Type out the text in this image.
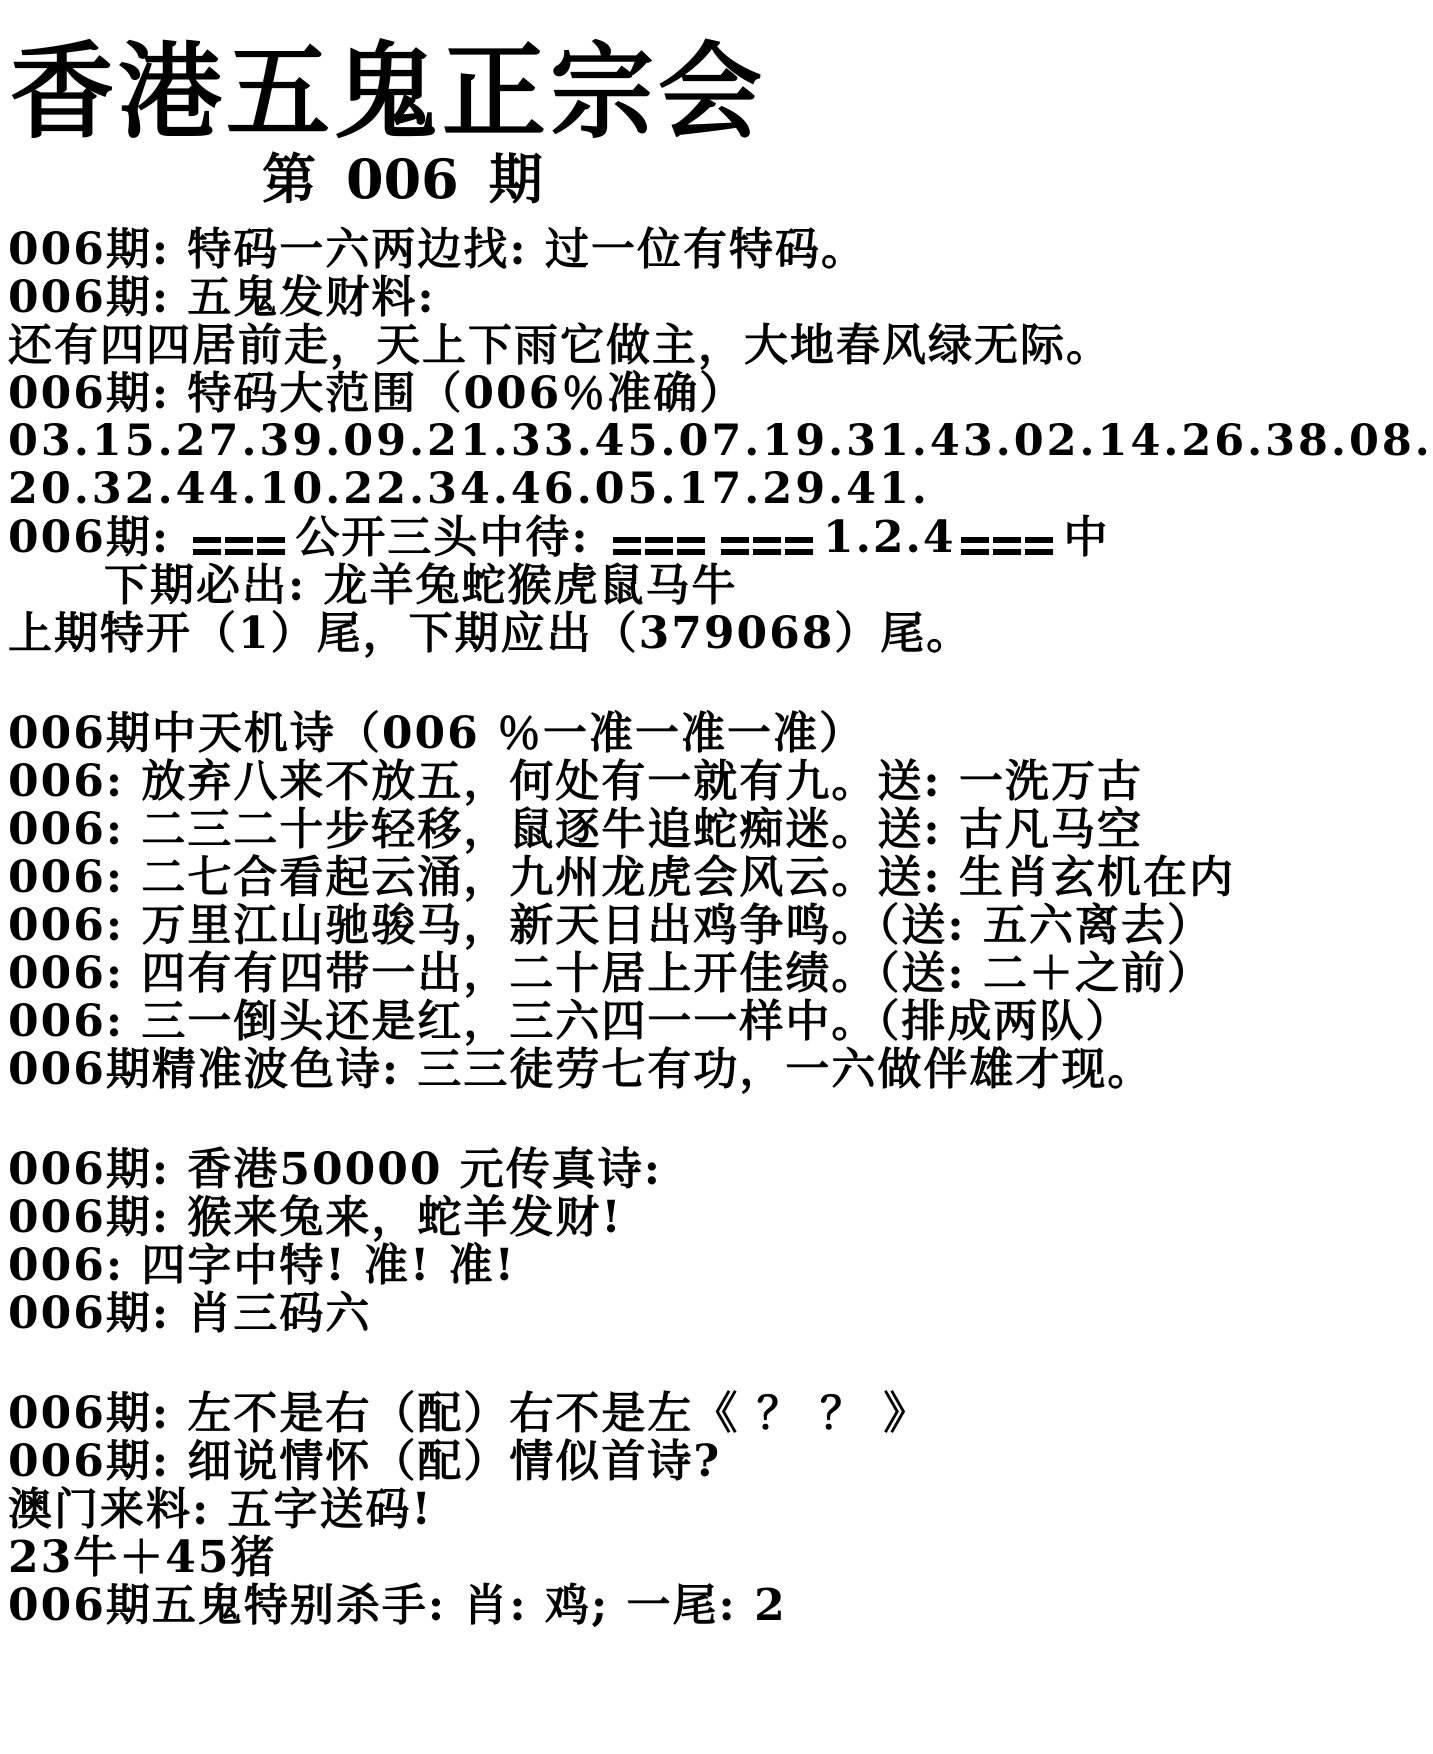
香港五鬼正宗会
第 006 期
006期: 特码一六两边找: 过一位有特码。
006期: 五鬼发财料:
还有四四居前走，天上下雨它做主，大地春风绿无际。
006期: 特码大范围（006％准确）
03.15.27.39.09.21.33.45.07.19.31.43.02.14.26.38.08.
20.32.44.10.22.34.46.05.17.29.41.
006期: 公开三头中待:	1.2.4 中
下期必出: 龙羊兔蛇猴虎鼠马牛
上期特开（1）尾，下期应出（379068）尾。
006期中天机诗（006 ％一准一准一准）
006: 放弃八来不放五，何处有一就有九。送: 一洗万古
006: 二三二十步轻移，鼠逐牛追蛇痴迷。送: 古凡马空
006: 二七合看起云涌，九州龙虎会风云。送: 生肖玄机在内
006: 万里江山驰骏马，新天日出鸡争鸣。（送: 五六离去）
006: 四有有四带一出，二十居上开佳绩。（送: 二＋之前）
006: 三一倒头还是红，三六四一一样中。（排成两队）
006期精准波色诗: 三三徒劳七有功，一六做伴雄才现。
006期: 香港50000 元传真诗:
006期: 猴来兔来，蛇羊发财!
006: 四字中特! 准! 准!
006期: 肖三码六
006期: 左不是右（配）右不是左《 ？ ？ 》
006期: 细说情怀（配）情似首诗?
澳门来料: 五字送码!
23牛＋45猪
006期五鬼特别杀手: 肖: 鸡; 一尾: 2
